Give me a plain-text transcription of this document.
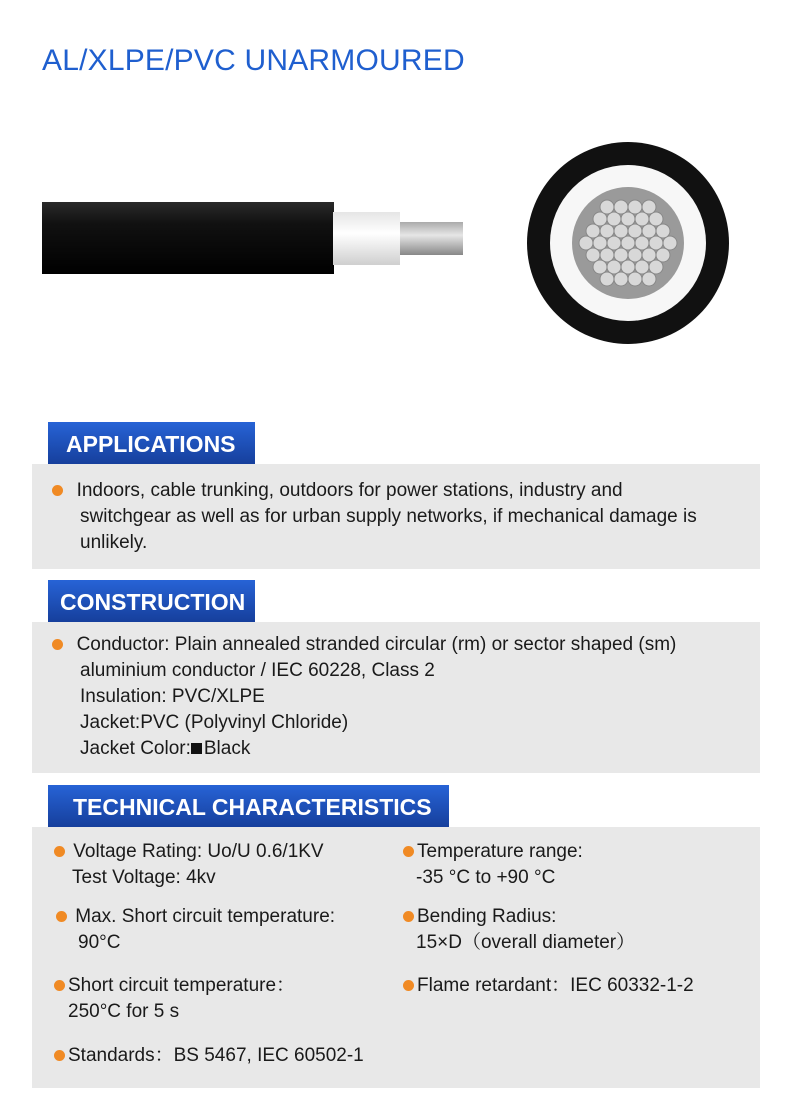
AL/XLPE/PVC UNARMOURED
APPLICATIONS
Indoors, cable trunking, outdoors for power stations, industry and
switchgear as well as for urban supply networks, if mechanical damage is
unlikely.
CONSTRUCTION
Conductor: Plain annealed stranded circular (rm) or sector shaped (sm)
aluminium conductor / IEC 60228, Class 2
Insulation: PVC/XLPE
Jacket:PVC (Polyvinyl Chloride)
Jacket Color: Black
TECHNICAL CHARACTERISTICS
Voltage Rating: Uo/U 0.6/1KV
Test Voltage: 4kv
Temperature range:
-35 °C to +90 °C
Max. Short circuit temperature:
90°C
Bending Radius:
15×D（overall diameter）
Short circuit temperature：
250°C for 5 s
Flame retardant：IEC 60332-1-2
Standards：BS 5467, IEC 60502-1
